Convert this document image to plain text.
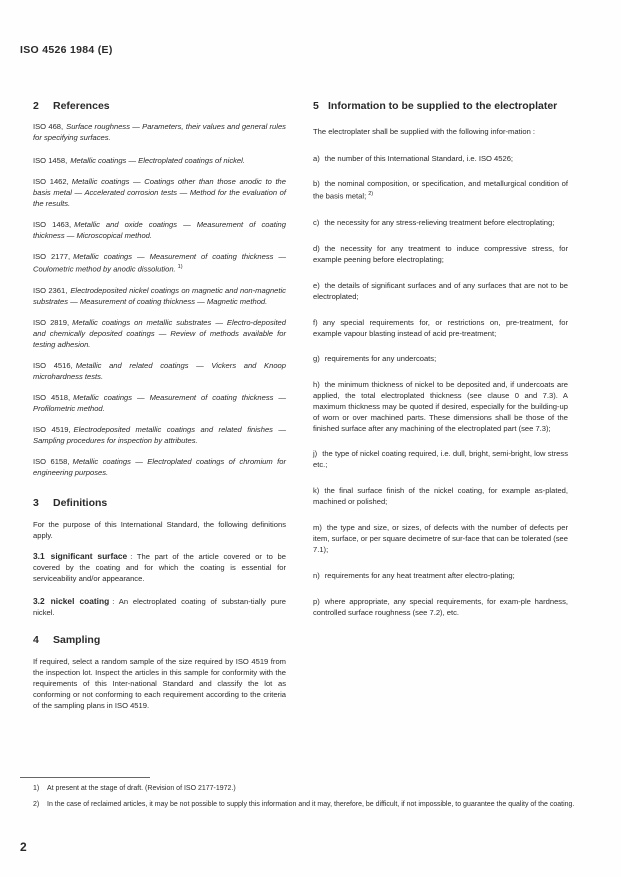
ISO 4526 1984 (E)
2 References

ISO 468, Surface roughness — Parameters, their values and general rules for specifying surfaces.

ISO 1458, Metallic coatings — Electroplated coatings of nickel.

ISO 1462, Metallic coatings — Coatings other than those anodic to the basis metal — Accelerated corrosion tests — Method for the evaluation of the results.

ISO 1463, Metallic and oxide coatings — Measurement of coating thickness — Microscopical method.

ISO 2177, Metallic coatings — Measurement of coating thickness — Coulometric method by anodic dissolution. $^{1)}$

ISO 2361, Electrodeposited nickel coatings on magnetic and non-magnetic substrates — Measurement of coating thickness — Magnetic method.

ISO 2819, Metallic coatings on metallic substrates — Electro-deposited and chemically deposited coatings — Review of methods available for testing adhesion.

ISO 4516, Metallic and related coatings — Vickers and Knoop microhardness tests.

ISO 4518, Metallic coatings — Measurement of coating thickness — Profilometric method.

ISO 4519, Electrodeposited metallic coatings and related finishes — Sampling procedures for inspection by attributes.

ISO 6158, Metallic coatings — Electroplated coatings of chromium for engineering purposes.

3 Definitions

For the purpose of this International Standard, the following definitions apply.

3.1 significant surface : The part of the article covered or to be covered by the coating and for which the coating is essential for serviceability and/or appearance.

3.2 nickel coating : An electroplated coating of substan-tially pure nickel.

4 Sampling

If required, select a random sample of the size required by ISO 4519 from the inspection lot. Inspect the articles in this sample for conformity with the requirements of this Inter-national Standard and classify the lot as conforming or not conforming to each requirement according to the criteria of the sampling plans in ISO 4519.

5 Information to be supplied to the electroplater

The electroplater shall be supplied with the following infor-mation :

a) the number of this International Standard, i.e. ISO 4526;

b) the nominal composition, or specification, and metallurgical condition of the basis metal; $^{2)}$

c) the necessity for any stress-relieving treatment before electroplating;

d) the necessity for any treatment to induce compressive stress, for example peening before electroplating;

e) the details of significant surfaces and of any surfaces that are not to be electroplated;

f) any special requirements for, or restrictions on, pre-treatment, for example vapour blasting instead of acid pre-treatment;

g) requirements for any undercoats;

h) the minimum thickness of nickel to be deposited and, if undercoats are applied, the total electroplated thickness (see clause 0 and 7.3). A maximum thickness may be quoted if desired, especially for the building-up of worn or over machined parts. These dimensions shall be those of the finished surface after any machining of the electroplated part (see 7.3);

j) the type of nickel coating required, i.e. dull, bright, semi-bright, low stress etc.;

k) the final surface finish of the nickel coating, for example as-plated, machined or polished;

m) the type and size, or sizes, of defects with the number of defects per item, surface, or per square decimetre of sur-face that can be tolerated (see 7.1);

n) requirements for any heat treatment after electro-plating;

p) where appropriate, any special requirements, for exam-ple hardness, controlled surface roughness (see 7.2), etc.

1)	At present at the stage of draft. (Revision of ISO 2177-1972.)

2)	In the case of reclaimed articles, it may be not possible to supply this information and it may, therefore, be difficult, if not impossible, to guarantee the quality of the coating.

2
